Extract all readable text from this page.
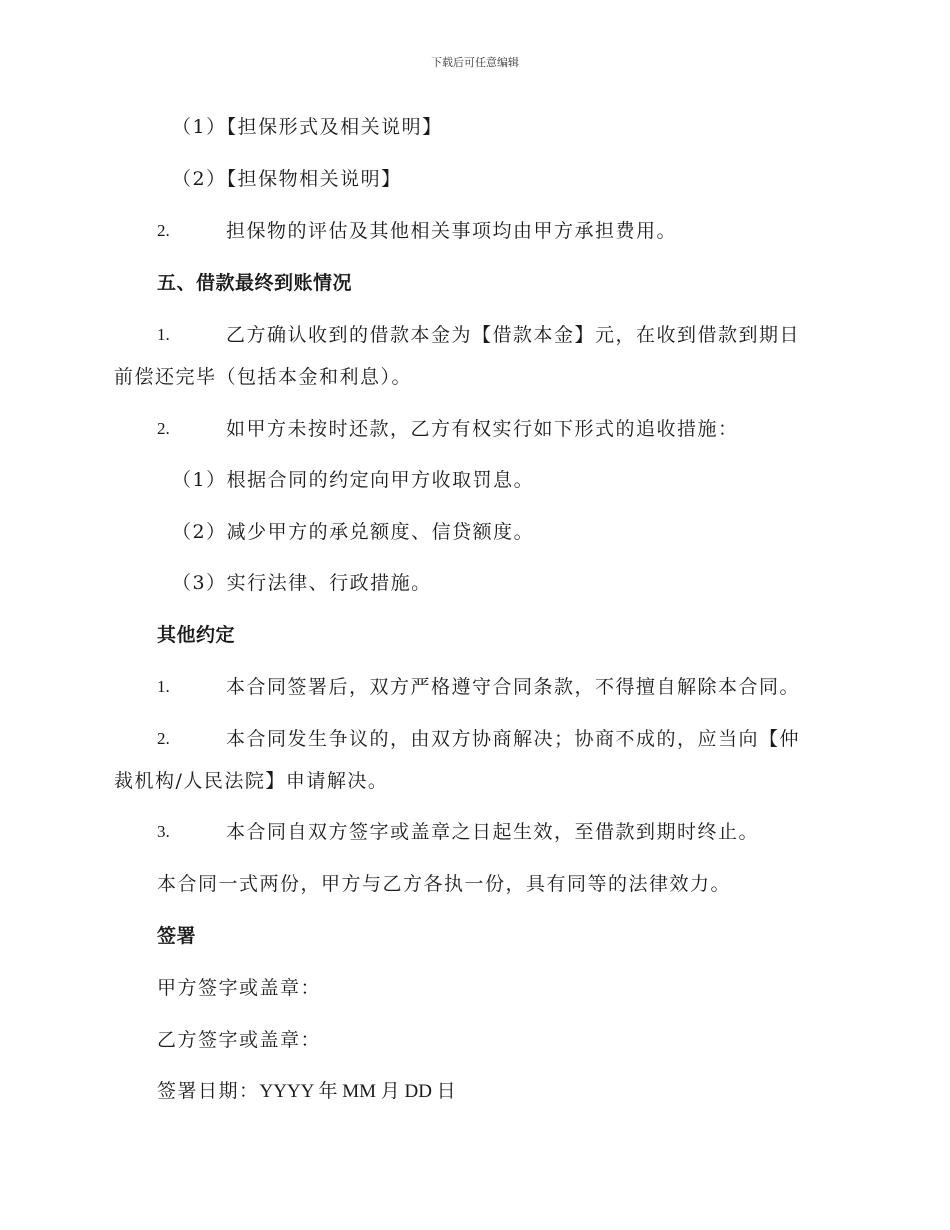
下载后可任意编辑
（1）【担保形式及相关说明】
（2）【担保物相关说明】
2.	担保物的评估及其他相关事项均由甲方承担费用。
五、借款最终到账情况
1.	乙方确认收到的借款本金为【借款本金】元，在收到借款到期日
前偿还完毕（包括本金和利息）。
2.	如甲方未按时还款，乙方有权实行如下形式的追收措施：
（1）根据合同的约定向甲方收取罚息。
（2）减少甲方的承兑额度、信贷额度。
（3）实行法律、行政措施。
其他约定
1.	本合同签署后，双方严格遵守合同条款，不得擅自解除本合同。
2.	本合同发生争议的，由双方协商解决；协商不成的，应当向【仲
裁机构/人民法院】申请解决。
3.	本合同自双方签字或盖章之日起生效，至借款到期时终止。
本合同一式两份，甲方与乙方各执一份，具有同等的法律效力。
签署
甲方签字或盖章：
乙方签字或盖章：
签署日期：YYYY 年 MM 月 DD 日
